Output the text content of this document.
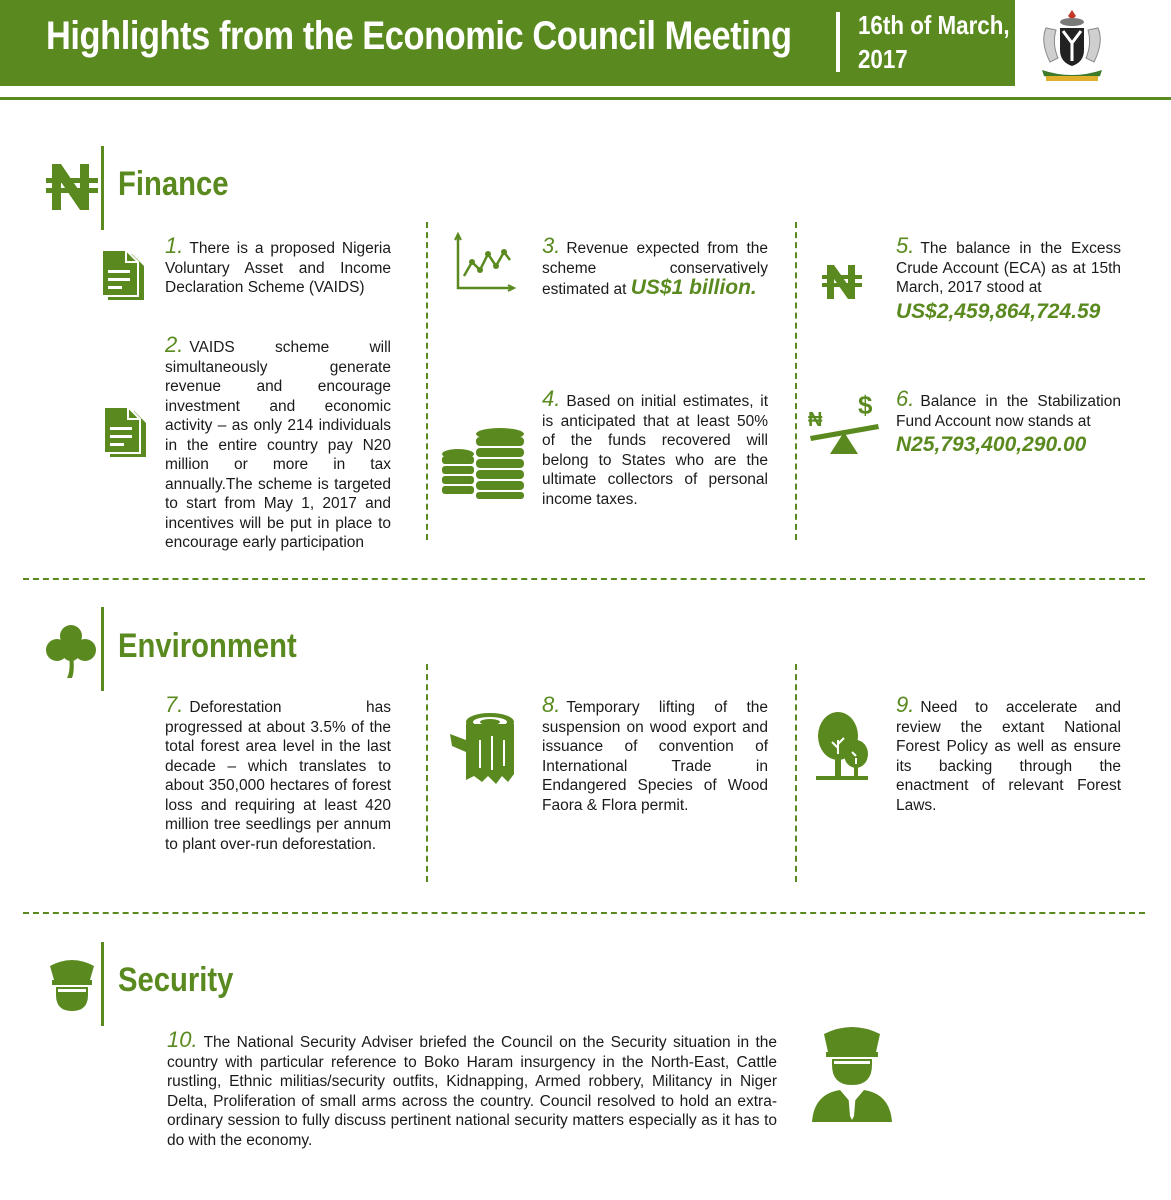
Highlights from the Economic Council Meeting	16th of March,
2017
Finance
1. There is a proposed Nigeria Voluntary Asset and Income Declaration Scheme (VAIDS)
2. VAIDS scheme will simultaneously generate revenue and encourage investment and economic activity – as only 214 individuals in the entire country pay N20 million or more in tax annually.The scheme is targeted to start from May 1, 2017 and incentives will be put in place to encourage early participation
3. Revenue expected from the scheme conservatively estimated at US$1 billion.
4. Based on initial estimates, it is anticipated that at least 50% of the funds recovered will belong to States who are the ultimate collectors of personal income taxes.
5. The balance in the Excess Crude Account (ECA) as at 15th March, 2017 stood at
US$2,459,864,724.59
₦ $ 6. Balance in the Stabilization Fund Account now stands at
N25,793,400,290.00
Environment
7. Deforestation has progressed at about 3.5% of the total forest area level in the last decade – which translates to about 350,000 hectares of forest loss and requiring at least 420 million tree seedlings per annum to plant over-run deforestation.
8. Temporary lifting of the suspension on wood export and issuance of convention of International Trade in Endangered Species of Wood Faora & Flora permit.
9. Need to accelerate and review the extant National Forest Policy as well as ensure its backing through the enactment of relevant Forest Laws.
Security
10. The National Security Adviser briefed the Council on the Security situation in the country with particular reference to Boko Haram insurgency in the North-East, Cattle rustling, Ethnic militias/security outfits, Kidnapping, Armed robbery, Militancy in Niger Delta, Proliferation of small arms across the country. Council resolved to hold an extra-ordinary session to fully discuss pertinent national security matters especially as it has to do with the economy.
